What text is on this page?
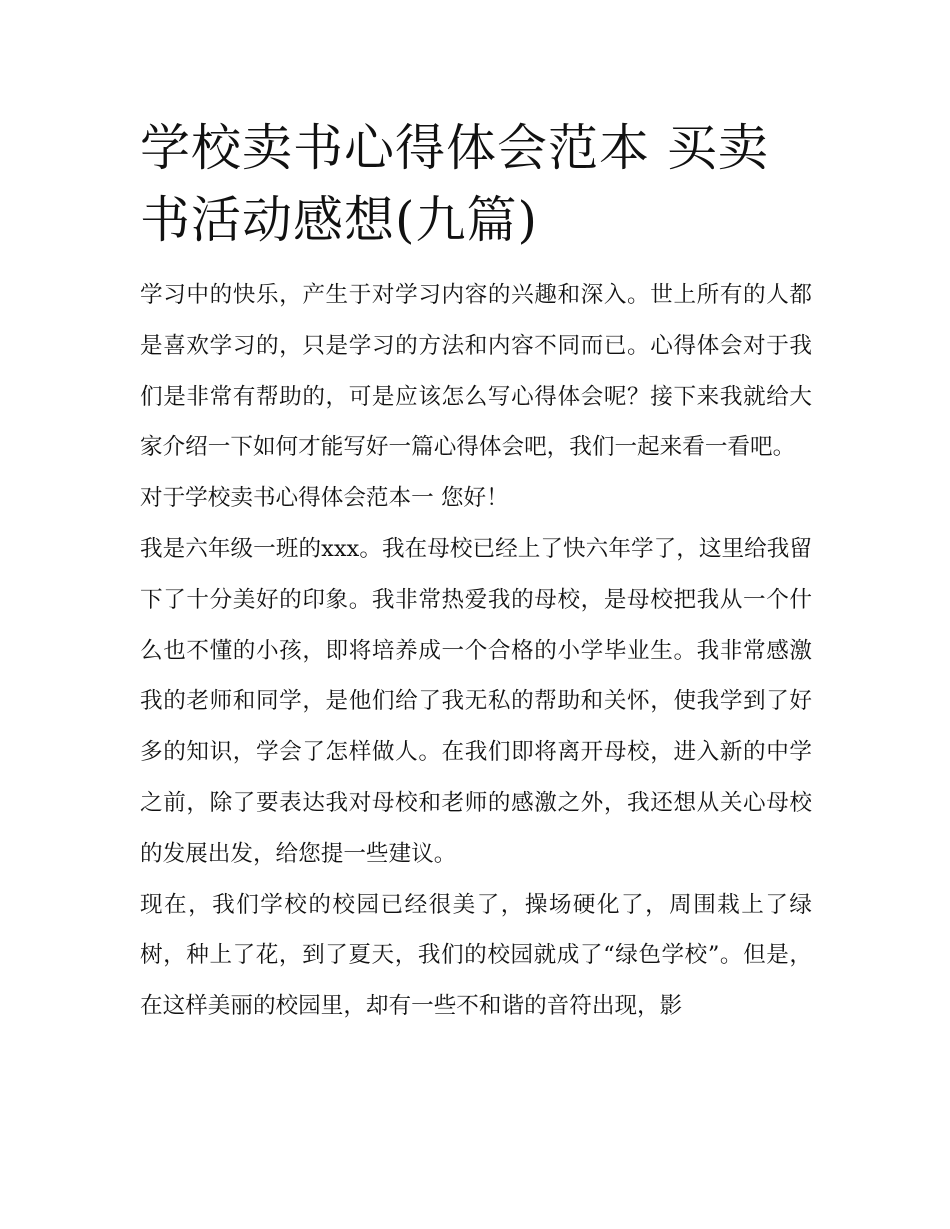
学校卖书心得体会范本 买卖书活动感想(九篇)

学习中的快乐，产生于对学习内容的兴趣和深入。世上所有的人都是喜欢学习的，只是学习的方法和内容不同而已。心得体会对于我们是非常有帮助的，可是应该怎么写心得体会呢？接下来我就给大家介绍一下如何才能写好一篇心得体会吧，我们一起来看一看吧。

对于学校卖书心得体会范本一 您好！

我是六年级一班的xxx。我在母校已经上了快六年学了，这里给我留下了十分美好的印象。我非常热爱我的母校，是母校把我从一个什么也不懂的小孩，即将培养成一个合格的小学毕业生。我非常感激我的老师和同学，是他们给了我无私的帮助和关怀，使我学到了好多的知识，学会了怎样做人。在我们即将离开母校，进入新的中学之前，除了要表达我对母校和老师的感激之外，我还想从关心母校的发展出发，给您提一些建议。

现在，我们学校的校园已经很美了，操场硬化了，周围栽上了绿树，种上了花，到了夏天，我们的校园就成了“绿色学校”。但是，在这样美丽的校园里，却有一些不和谐的音符出现，影
